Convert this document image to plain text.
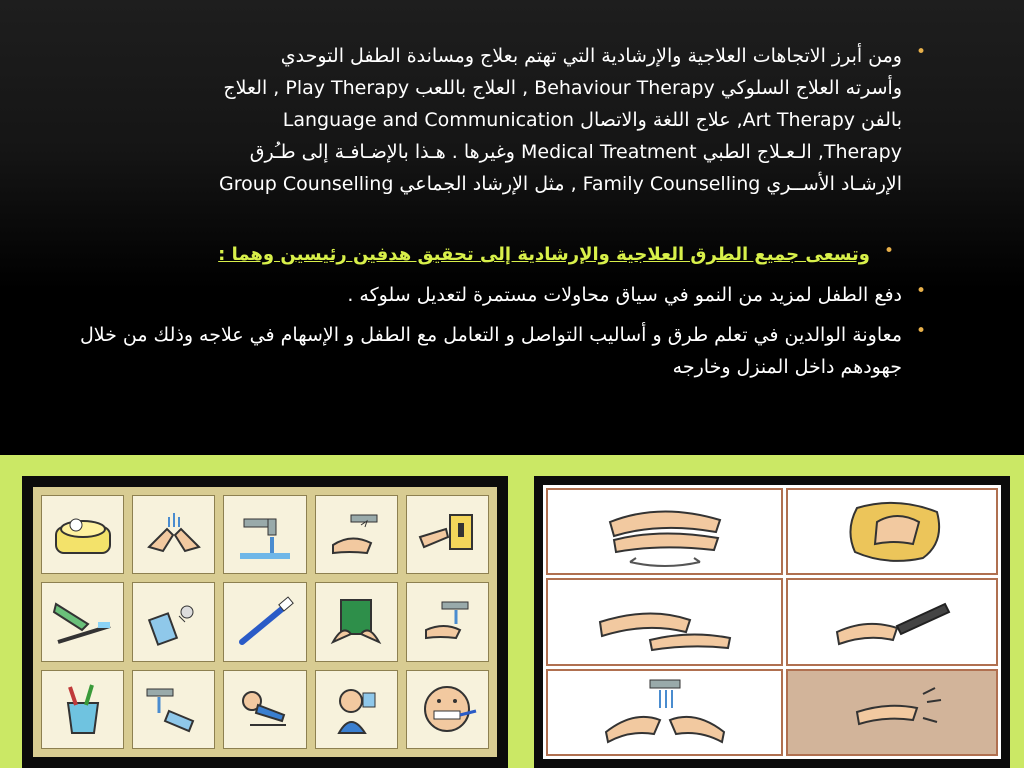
•

ومن أبرز الاتجاهات العلاجية والإرشادية التي تهتم بعلاج ومساندة الطفل التوحدي

وأسرته العلاج السلوكي Behaviour Therapy , العلاج باللعب Play Therapy , العلاج

بالفن Art Therapy, علاج اللغة والاتصال Language and Communication

Therapy, الـعـلاج الطبي Medical Treatment وغيرها . هـذا بالإضـافـة إلى طـُرق

الإرشـاد الأســري Family Counselling , مثل الإرشاد الجماعي Group Counselling

•

وتسعى جميع الطرق العلاجية والإرشادية إلى تحقيق هدفين رئيسين وهما :

•

دفع الطفل لمزيد من النمو في سياق محاولات مستمرة لتعديل سلوكه .

•

معاونة الوالدين في تعلم طرق و أساليب التواصل و التعامل مع الطفل و الإسهام في علاجه وذلك من خلال جهودهم داخل المنزل وخارجه
